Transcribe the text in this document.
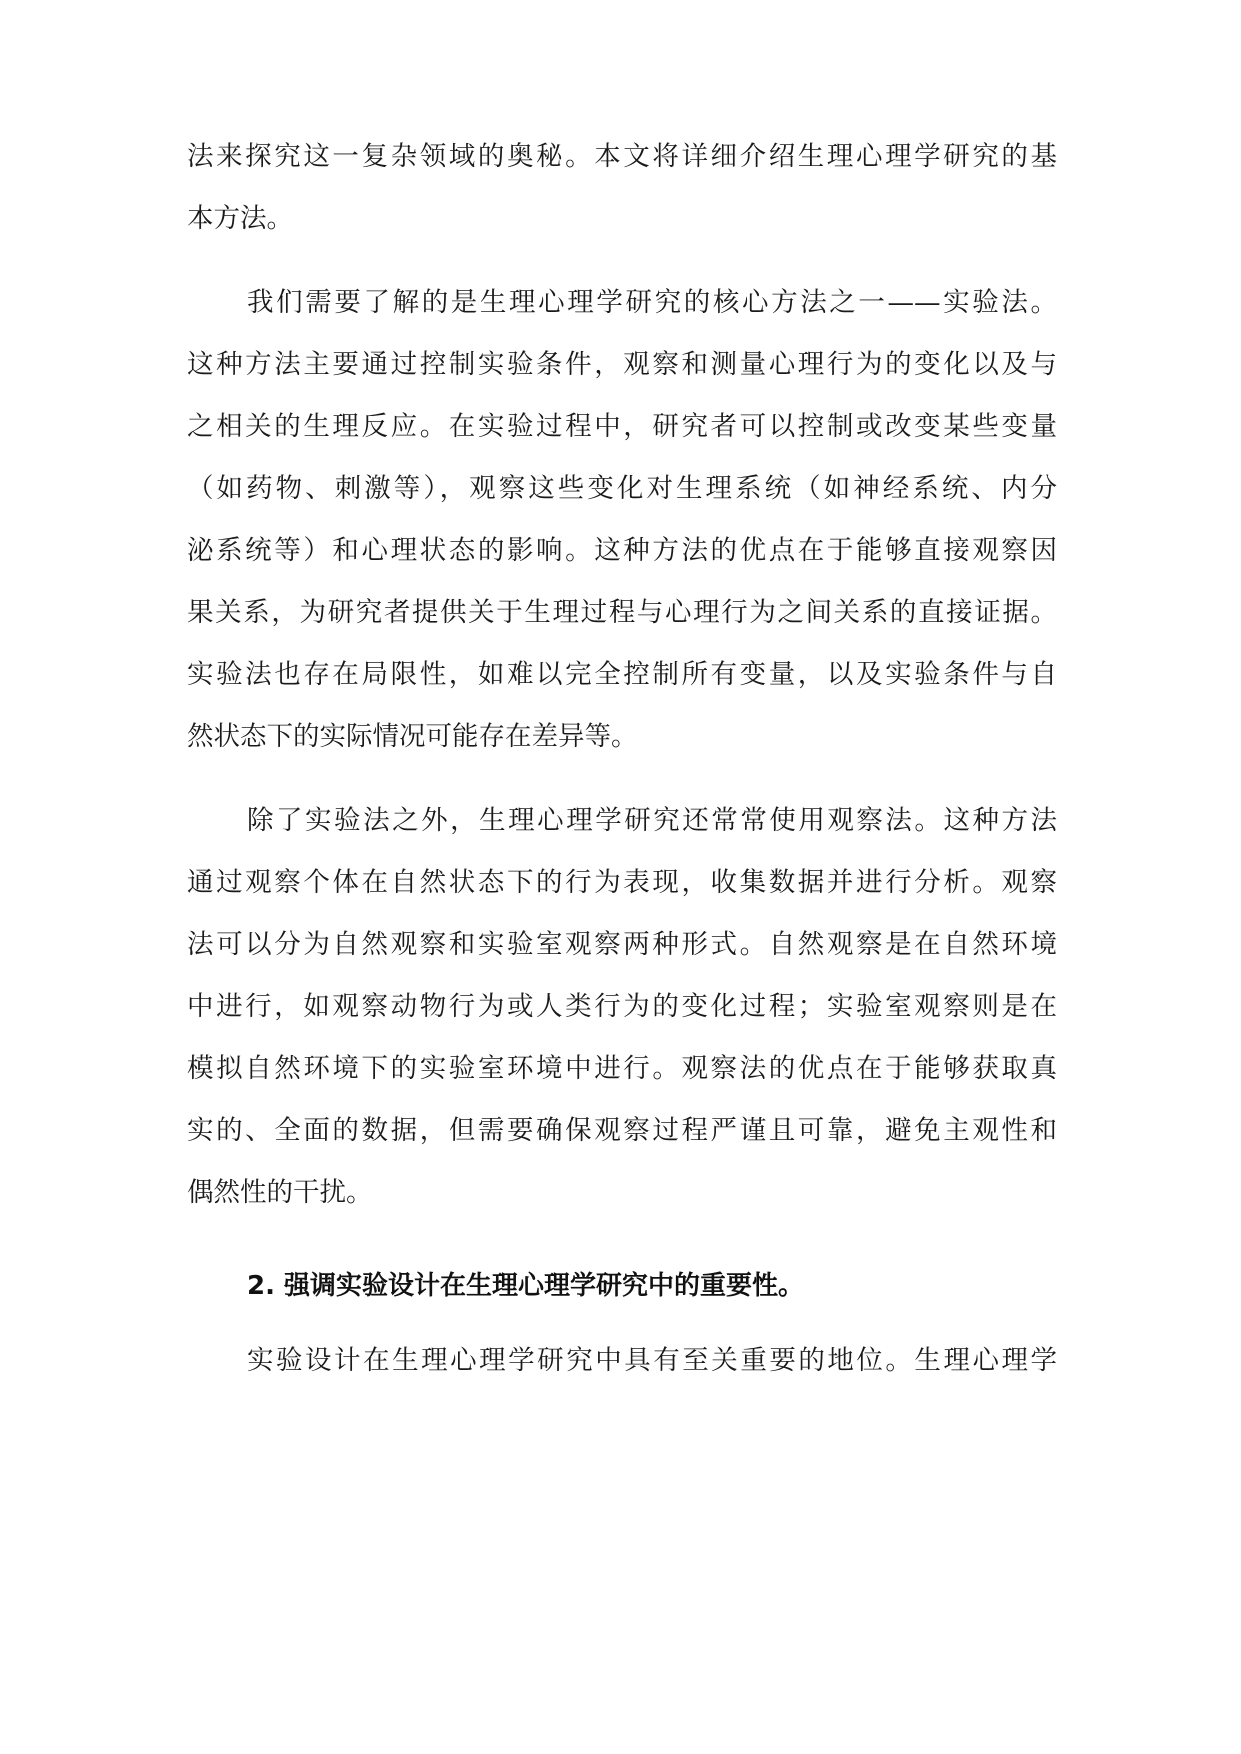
法来探究这一复杂领域的奥秘。本文将详细介绍生理心理学研究的基
本方法。
我们需要了解的是生理心理学研究的核心方法之一——实验法。
这种方法主要通过控制实验条件，观察和测量心理行为的变化以及与
之相关的生理反应。在实验过程中，研究者可以控制或改变某些变量
（如药物、刺激等），观察这些变化对生理系统（如神经系统、内分
泌系统等）和心理状态的影响。这种方法的优点在于能够直接观察因
果关系，为研究者提供关于生理过程与心理行为之间关系的直接证据。
实验法也存在局限性，如难以完全控制所有变量，以及实验条件与自
然状态下的实际情况可能存在差异等。
除了实验法之外，生理心理学研究还常常使用观察法。这种方法
通过观察个体在自然状态下的行为表现，收集数据并进行分析。观察
法可以分为自然观察和实验室观察两种形式。自然观察是在自然环境
中进行，如观察动物行为或人类行为的变化过程；实验室观察则是在
模拟自然环境下的实验室环境中进行。观察法的优点在于能够获取真
实的、全面的数据，但需要确保观察过程严谨且可靠，避免主观性和
偶然性的干扰。
2. 强调实验设计在生理心理学研究中的重要性。
实验设计在生理心理学研究中具有至关重要的地位。生理心理学
